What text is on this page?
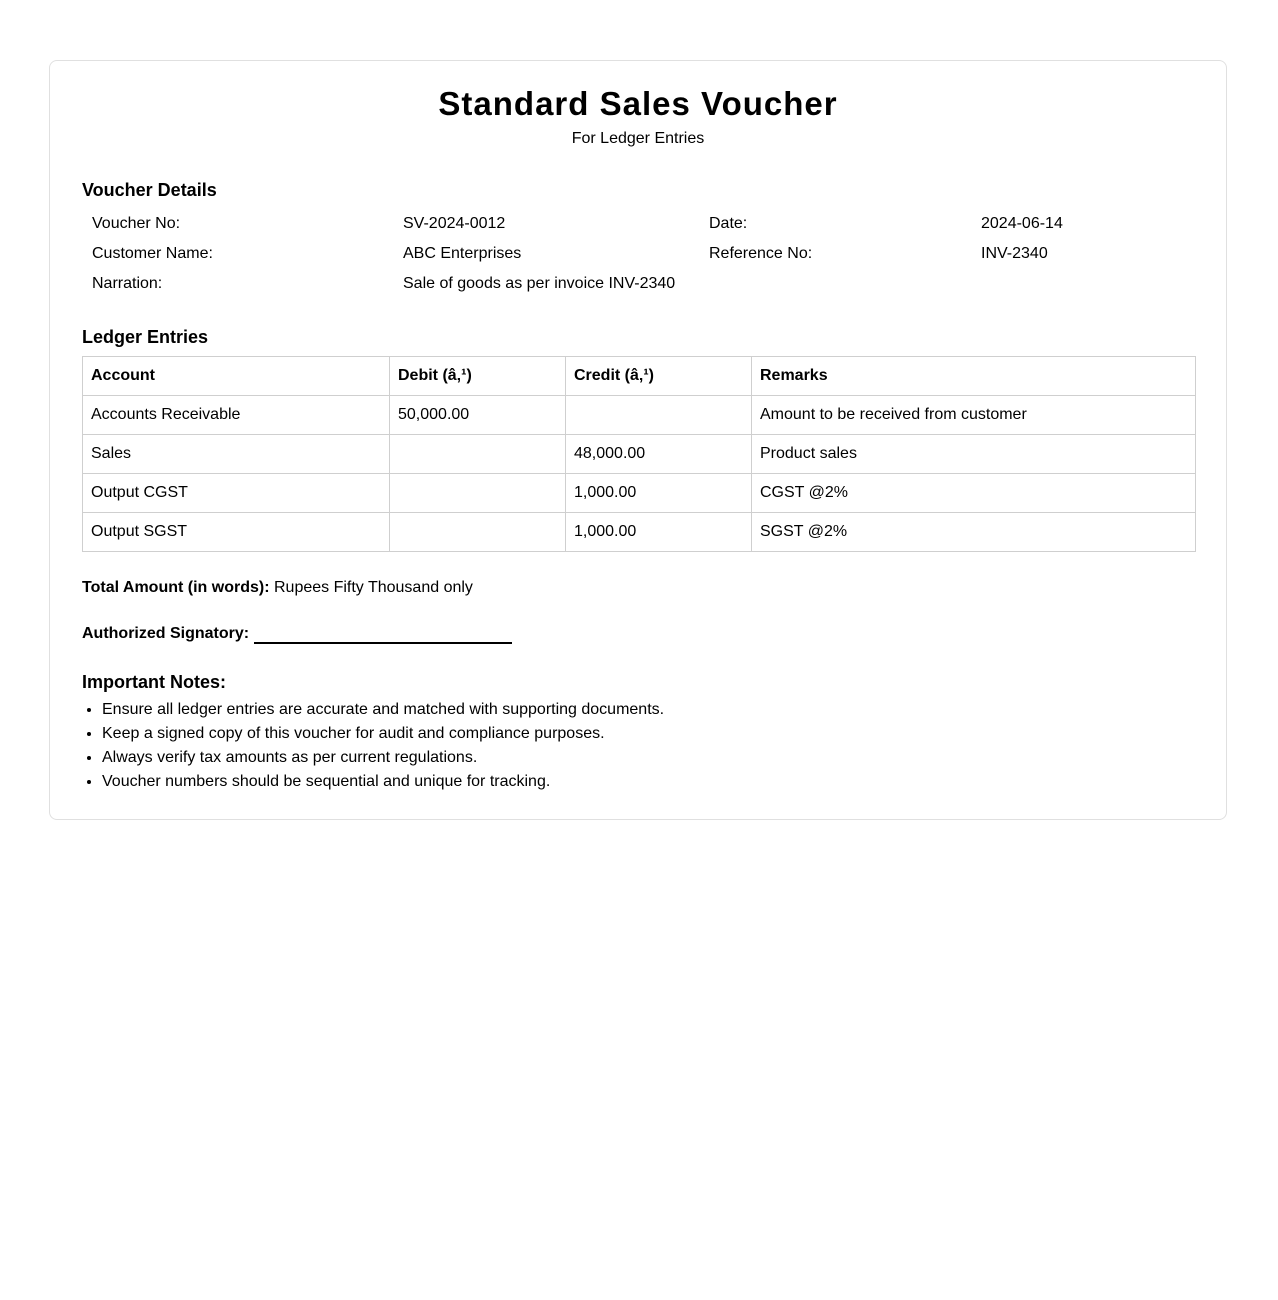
Standard Sales Voucher
For Ledger Entries
Voucher Details
Voucher No:	SV-2024-0012	Date:	2024-06-14
Customer Name:	ABC Enterprises	Reference No:	INV-2340
Narration:	Sale of goods as per invoice INV-2340
Ledger Entries
Account	Debit (â‚¹)	Credit (â‚¹)	Remarks
Accounts Receivable	50,000.00		Amount to be received from customer
Sales		48,000.00	Product sales
Output CGST		1,000.00	CGST @2%
Output SGST		1,000.00	SGST @2%
Total Amount (in words): Rupees Fifty Thousand only
Authorized Signatory:
Important Notes:
• Ensure all ledger entries are accurate and matched with supporting documents.
• Keep a signed copy of this voucher for audit and compliance purposes.
• Always verify tax amounts as per current regulations.
• Voucher numbers should be sequential and unique for tracking.
